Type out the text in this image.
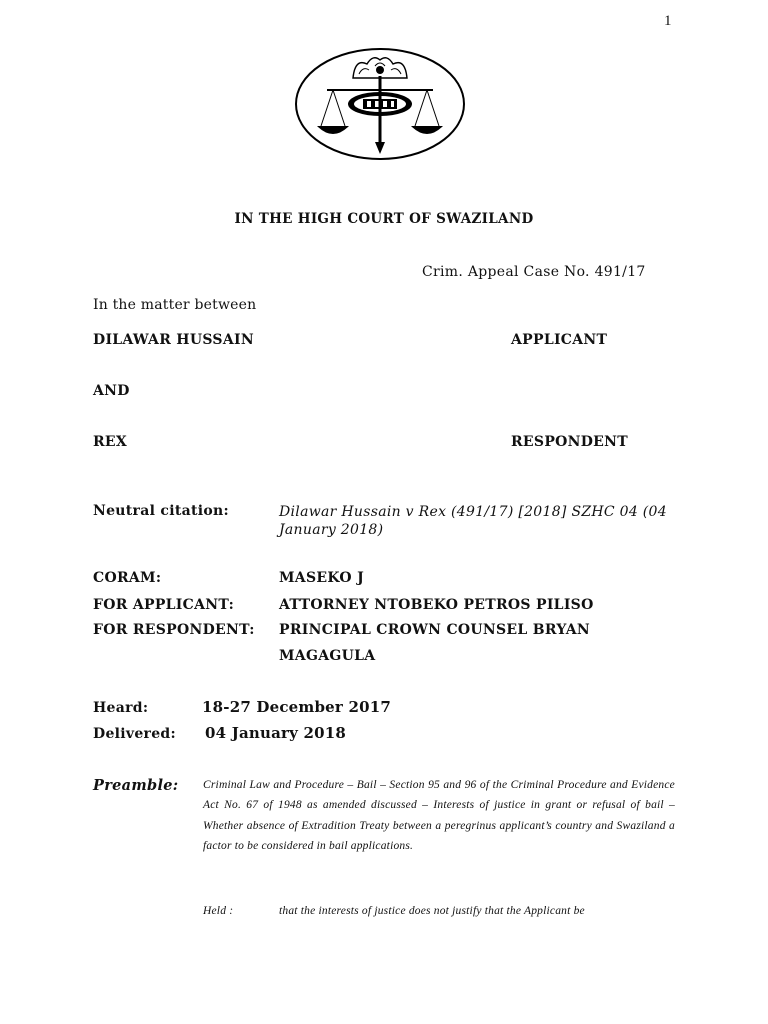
1
IN THE HIGH COURT OF SWAZILAND
Crim. Appeal Case No. 491/17
In the matter between
DILAWAR HUSSAIN	APPLICANT
AND
REX	RESPONDENT
Neutral citation:	Dilawar Hussain v Rex (491/17) [2018] SZHC 04 (04 January 2018)
CORAM:	MASEKO J
FOR APPLICANT:	ATTORNEY NTOBEKO PETROS PILISO
FOR RESPONDENT: PRINCIPAL CROWN COUNSEL BRYAN
MAGAGULA
Heard:	18-27 December 2017
Delivered: 04 January 2018
Preamble: Criminal Law and Procedure – Bail – Section 95 and 96 of the Criminal Procedure and Evidence Act No. 67 of 1948 as amended discussed – Interests of justice in grant or refusal of bail – Whether absence of Extradition Treaty between a peregrinus applicant’s country and Swaziland a factor to be considered in bail applications.
Held :	that the interests of justice does not justify that the Applicant be
